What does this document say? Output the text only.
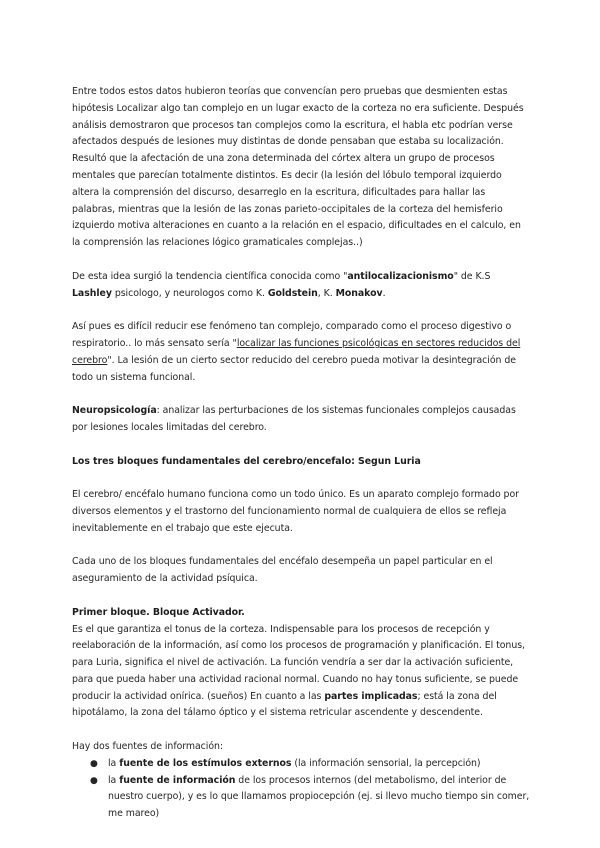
Entre todos estos datos hubieron teorías que convencían pero pruebas que desmienten estas hipótesis Localizar algo tan complejo en un lugar exacto de la corteza no era suficiente. Después análisis demostraron que procesos tan complejos como la escritura, el habla etc podrían verse afectados después de lesiones muy distintas de donde pensaban que estaba su localización. Resultó que la afectación de una zona determinada del córtex altera un grupo de procesos mentales que parecían totalmente distintos. Es decir (la lesión del lóbulo temporal izquierdo altera la comprensión del discurso, desarreglo en la escritura, dificultades para hallar las palabras, mientras que la lesión de las zonas parieto-occipitales de la corteza del hemisferio izquierdo motiva alteraciones en cuanto a la relación en el espacio, dificultades en el calculo, en la comprensión las relaciones lógico gramaticales complejas..)

De esta idea surgió la tendencia científica conocida como "antilocalizacionismo" de K.S Lashley psicologo, y neurologos como K. Goldstein, K. Monakov.

Así pues es difícil reducir ese fenómeno tan complejo, comparado como el proceso digestivo o respiratorio.. lo más sensato sería "localizar las funciones psicológicas en sectores reducidos del cerebro". La lesión de un cierto sector reducido del cerebro pueda motivar la desintegración de todo un sistema funcional.

Neuropsicología: analizar las perturbaciones de los sistemas funcionales complejos causadas por lesiones locales limitadas del cerebro.

Los tres bloques fundamentales del cerebro/encefalo: Segun Luria

El cerebro/ encéfalo humano funciona como un todo único. Es un aparato complejo formado por diversos elementos y el trastorno del funcionamiento normal de cualquiera de ellos se refleja inevitablemente en el trabajo que este ejecuta.

Cada uno de los bloques fundamentales del encéfalo desempeña un papel particular en el aseguramiento de la actividad psíquica.

Primer bloque. Bloque Activador.

Es el que garantiza el tonus de la corteza. Indispensable para los procesos de recepción y reelaboración de la información, así como los procesos de programación y planificación. El tonus, para Luria, significa el nivel de activación. La función vendría a ser dar la activación suficiente, para que pueda haber una actividad racional normal. Cuando no hay tonus suficiente, se puede producir la actividad onírica. (sueños) En cuanto a las partes implicadas; está la zona del hipotálamo, la zona del tálamo óptico y el sistema retricular ascendente y descendente.

Hay dos fuentes de información:

● la fuente de los estímulos externos (la información sensorial, la percepción)
● la fuente de información de los procesos internos (del metabolismo, del interior de nuestro cuerpo), y es lo que llamamos propiocepción (ej. si llevo mucho tiempo sin comer, me mareo)
